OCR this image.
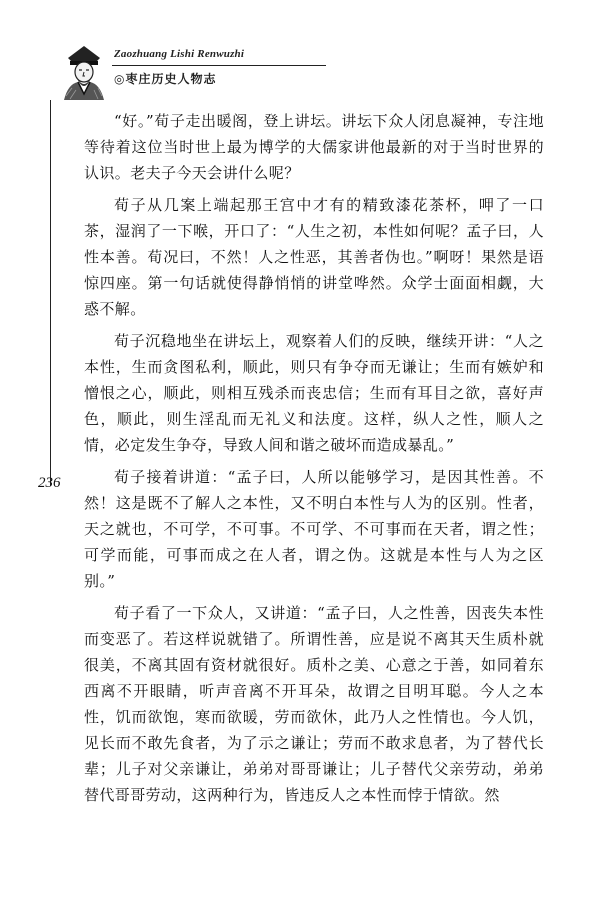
Zaozhuang Lishi Renwuzhi
◎枣庄历史人物志
236

“好。”荀子走出暖阁，登上讲坛。讲坛下众人闭息凝神，专注地等待着这位当时世上最为博学的大儒家讲他最新的对于当时世界的认识。老夫子今天会讲什么呢？

荀子从几案上端起那王宫中才有的精致漆花茶杯，呷了一口茶，湿润了一下喉，开口了：“人生之初，本性如何呢？孟子曰，人性本善。荀况曰，不然！人之性恶，其善者伪也。”啊呀！果然是语惊四座。第一句话就使得静悄悄的讲堂哗然。众学士面面相觑，大惑不解。

荀子沉稳地坐在讲坛上，观察着人们的反映，继续开讲：“人之本性，生而贪图私利，顺此，则只有争夺而无谦让；生而有嫉妒和憎恨之心，顺此，则相互残杀而丧忠信；生而有耳目之欲，喜好声色，顺此，则生淫乱而无礼义和法度。这样，纵人之性，顺人之情，必定发生争夺，导致人间和谐之破坏而造成暴乱。”

荀子接着讲道：“孟子曰，人所以能够学习，是因其性善。不然！这是既不了解人之本性，又不明白本性与人为的区别。性者，天之就也，不可学，不可事。不可学、不可事而在天者，谓之性；可学而能，可事而成之在人者，谓之伪。这就是本性与人为之区别。”

荀子看了一下众人，又讲道：“孟子曰，人之性善，因丧失本性而变恶了。若这样说就错了。所谓性善，应是说不离其天生质朴就很美，不离其固有资材就很好。质朴之美、心意之于善，如同着东西离不开眼睛，听声音离不开耳朵，故谓之目明耳聪。今人之本性，饥而欲饱，寒而欲暖，劳而欲休，此乃人之性情也。今人饥，见长而不敢先食者，为了示之谦让；劳而不敢求息者，为了替代长辈；儿子对父亲谦让，弟弟对哥哥谦让；儿子替代父亲劳动，弟弟替代哥哥劳动，这两种行为，皆违反人之本性而悖于情欲。然
